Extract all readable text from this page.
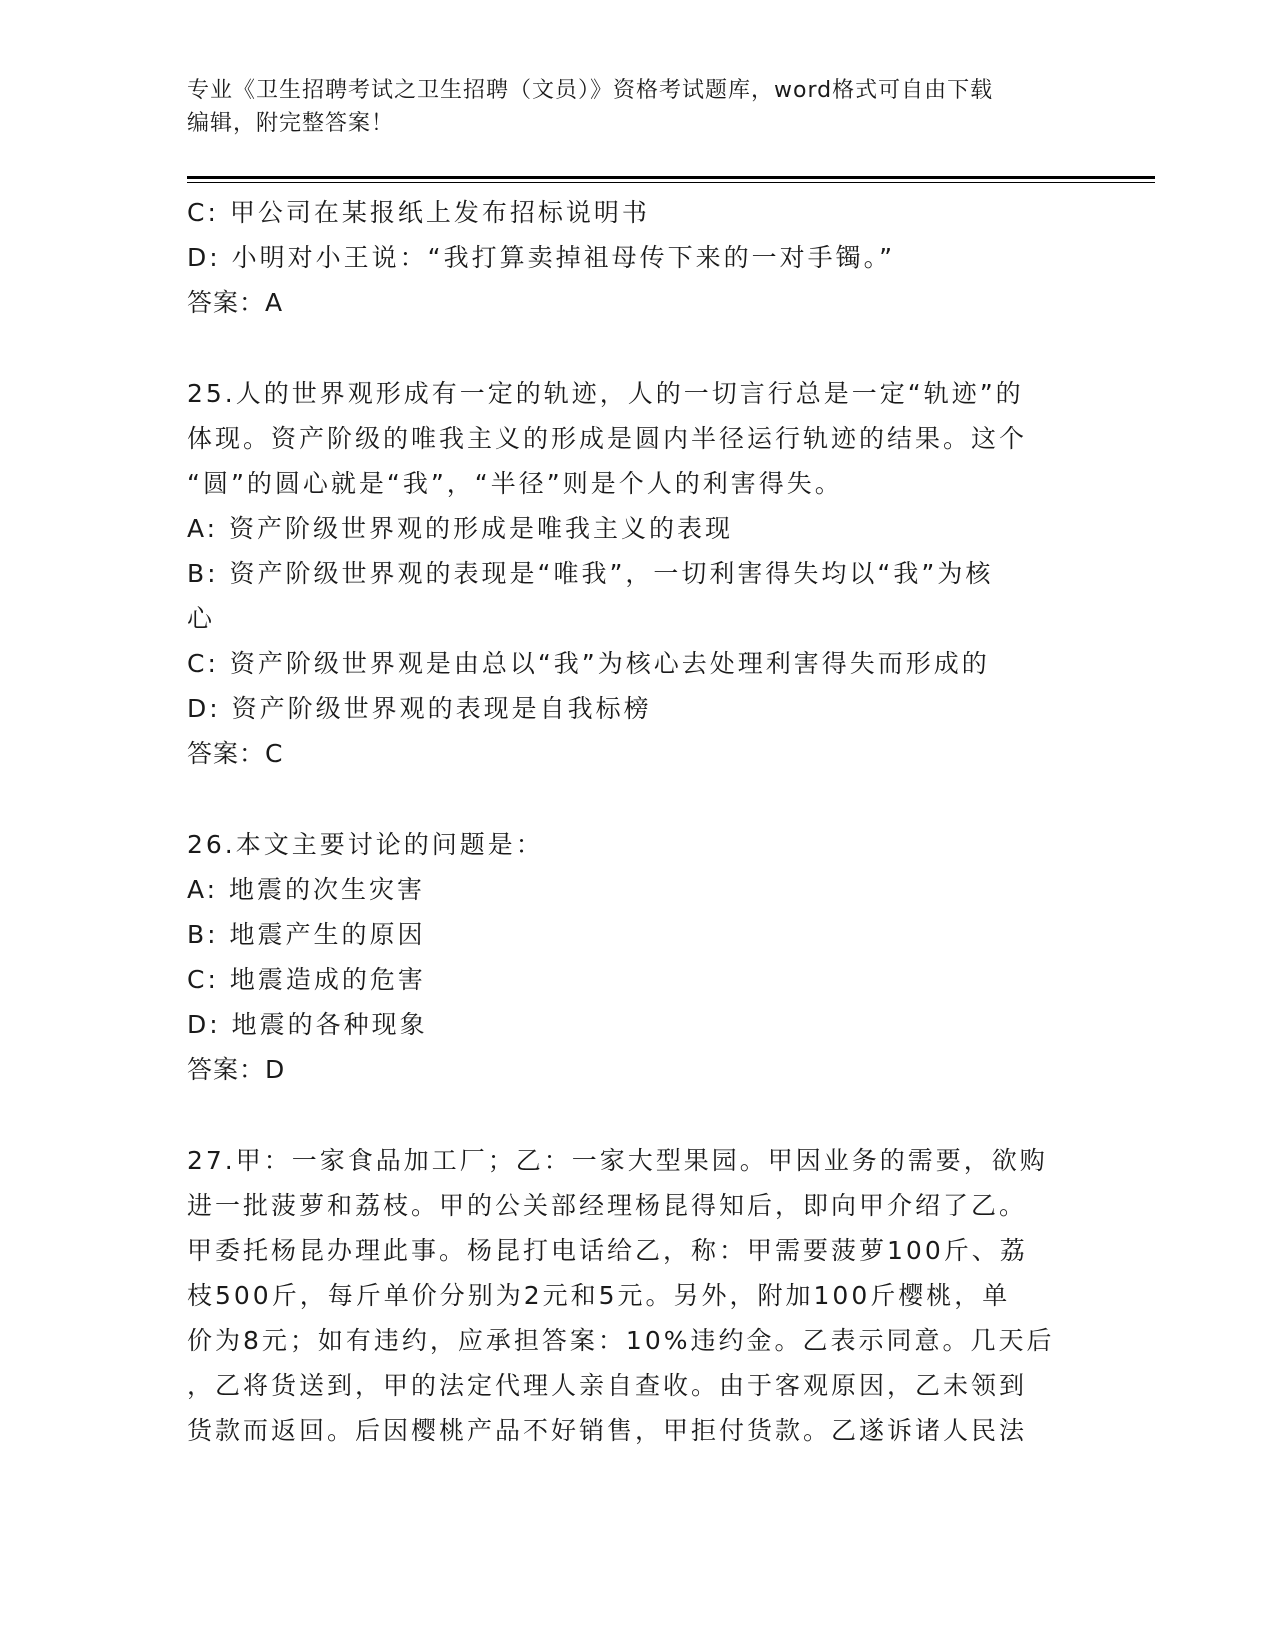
专业《卫生招聘考试之卫生招聘（文员）》资格考试题库，word格式可自由下载
编辑，附完整答案！
C: 甲公司在某报纸上发布招标说明书
D: 小明对小王说：“我打算卖掉祖母传下来的一对手镯。”
答案：A
25.人的世界观形成有一定的轨迹，人的一切言行总是一定“轨迹”的
体现。资产阶级的唯我主义的形成是圆内半径运行轨迹的结果。这个
“圆”的圆心就是“我”，“半径”则是个人的利害得失。
A: 资产阶级世界观的形成是唯我主义的表现
B: 资产阶级世界观的表现是“唯我”，一切利害得失均以“我”为核
心
C: 资产阶级世界观是由总以“我”为核心去处理利害得失而形成的
D: 资产阶级世界观的表现是自我标榜
答案：C
26.本文主要讨论的问题是：
A: 地震的次生灾害
B: 地震产生的原因
C: 地震造成的危害
D: 地震的各种现象
答案：D
27.甲：一家食品加工厂；乙：一家大型果园。甲因业务的需要，欲购
进一批菠萝和荔枝。甲的公关部经理杨昆得知后，即向甲介绍了乙。
甲委托杨昆办理此事。杨昆打电话给乙，称：甲需要菠萝100斤、荔
枝500斤，每斤单价分别为2元和5元。另外，附加100斤樱桃，单
价为8元；如有违约，应承担答案：10%违约金。乙表示同意。几天后
，乙将货送到，甲的法定代理人亲自查收。由于客观原因，乙未领到
货款而返回。后因樱桃产品不好销售，甲拒付货款。乙遂诉诸人民法
